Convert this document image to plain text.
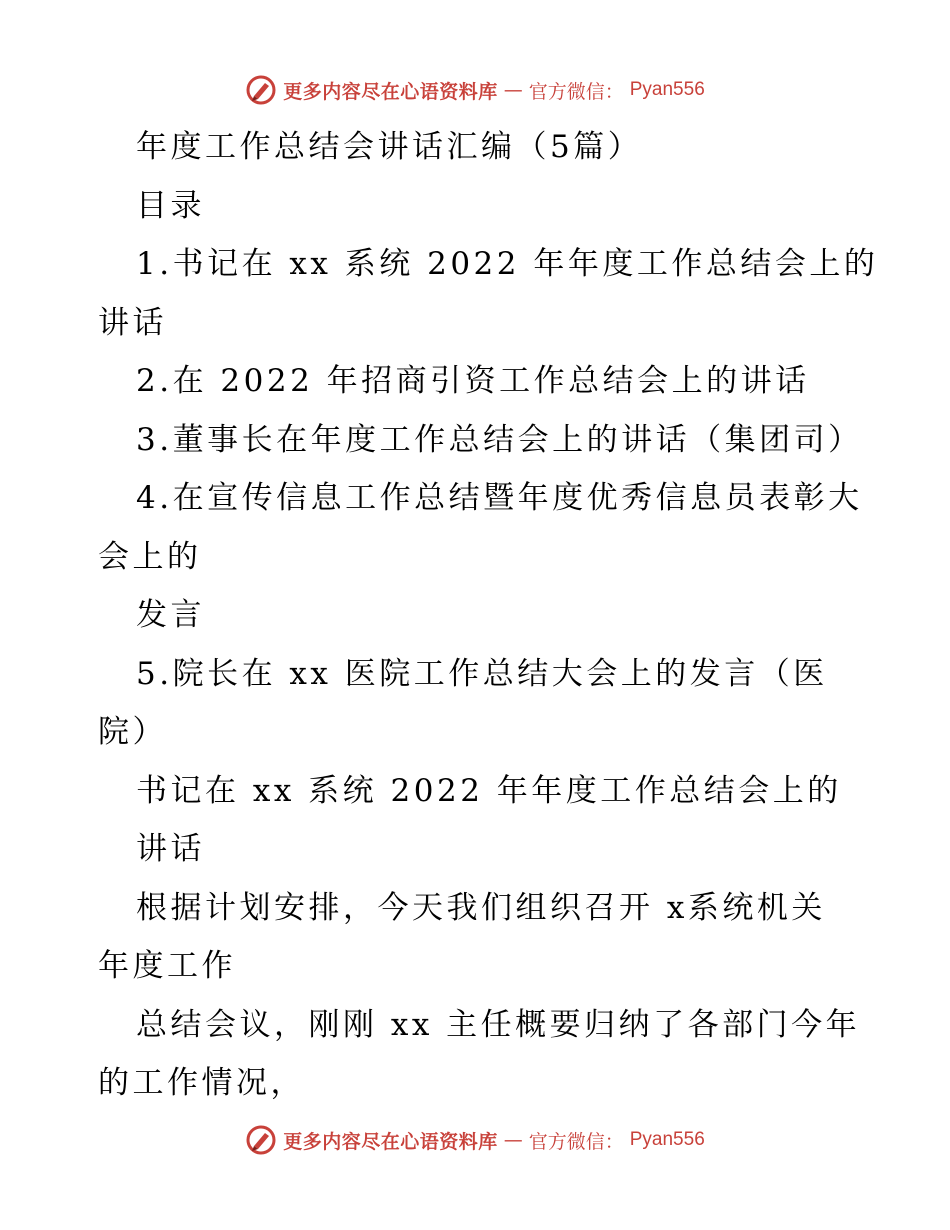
更多内容尽在心语资料库 — 官方微信： Pyan556
年度工作总结会讲话汇编（5篇）
目录
1.书记在 xx 系统 2022 年年度工作总结会上的
讲话
2.在 2022 年招商引资工作总结会上的讲话
3.董事长在年度工作总结会上的讲话（集团司）
4.在宣传信息工作总结暨年度优秀信息员表彰大
会上的
发言
5.院长在 xx 医院工作总结大会上的发言（医
院）
书记在 xx 系统 2022 年年度工作总结会上的
讲话
根据计划安排，今天我们组织召开 x系统机关
年度工作
总结会议，刚刚 xx 主任概要归纳了各部门今年
的工作情况，
更多内容尽在心语资料库 — 官方微信： Pyan556
